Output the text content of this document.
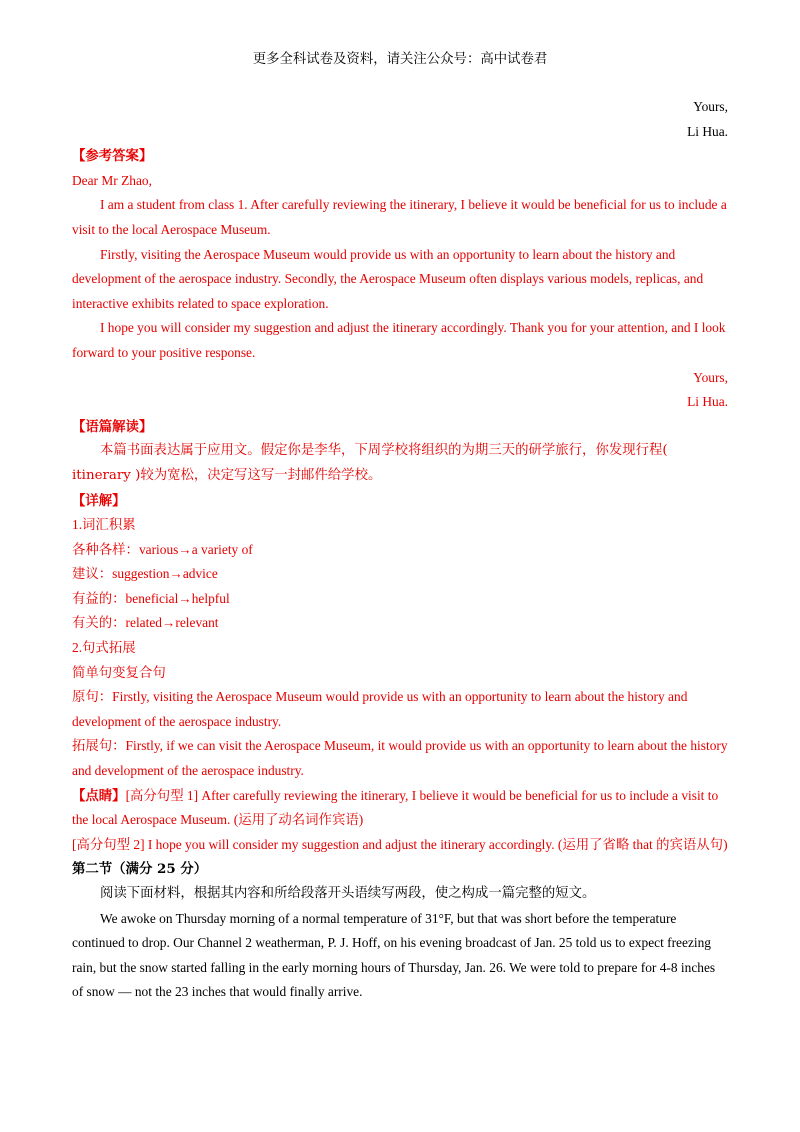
更多全科试卷及资料，请关注公众号：高中试卷君

Yours,

Li Hua.

【参考答案】

Dear Mr Zhao,

I am a student from class 1. After carefully reviewing the itinerary, I believe it would be beneficial for us to include a visit to the local Aerospace Museum.

Firstly, visiting the Aerospace Museum would provide us with an opportunity to learn about the history and development of the aerospace industry. Secondly, the Aerospace Museum often displays various models, replicas, and interactive exhibits related to space exploration.

I hope you will consider my suggestion and adjust the itinerary accordingly. Thank you for your attention, and I look forward to your positive response.

Yours,

Li Hua.

【语篇解读】

本篇书面表达属于应用文。假定你是李华，下周学校将组织的为期三天的研学旅行，你发现行程( itinerary )较为宽松，决定写这写一封邮件给学校。

【详解】

1.词汇积累

各种各样：various→a variety of

建议：suggestion→advice

有益的：beneficial→helpful

有关的：related→relevant

2.句式拓展

简单句变复合句

原句：Firstly, visiting the Aerospace Museum would provide us with an opportunity to learn about the history and development of the aerospace industry.

拓展句：Firstly, if we can visit the Aerospace Museum, it would provide us with an opportunity to learn about the history and development of the aerospace industry.

【点睛】[高分句型 1] After carefully reviewing the itinerary, I believe it would be beneficial for us to include a visit to the local Aerospace Museum. (运用了动名词作宾语)

[高分句型 2] I hope you will consider my suggestion and adjust the itinerary accordingly. (运用了省略 that 的宾语从句)

第二节（满分 25 分）

阅读下面材料，根据其内容和所给段落开头语续写两段，使之构成一篇完整的短文。

We awoke on Thursday morning of a normal temperature of 31°F, but that was short before the temperature continued to drop. Our Channel 2 weatherman, P. J. Hoff, on his evening broadcast of Jan. 25 told us to expect freezing rain, but the snow started falling in the early morning hours of Thursday, Jan. 26. We were told to prepare for 4-8 inches of snow — not the 23 inches that would finally arrive.
